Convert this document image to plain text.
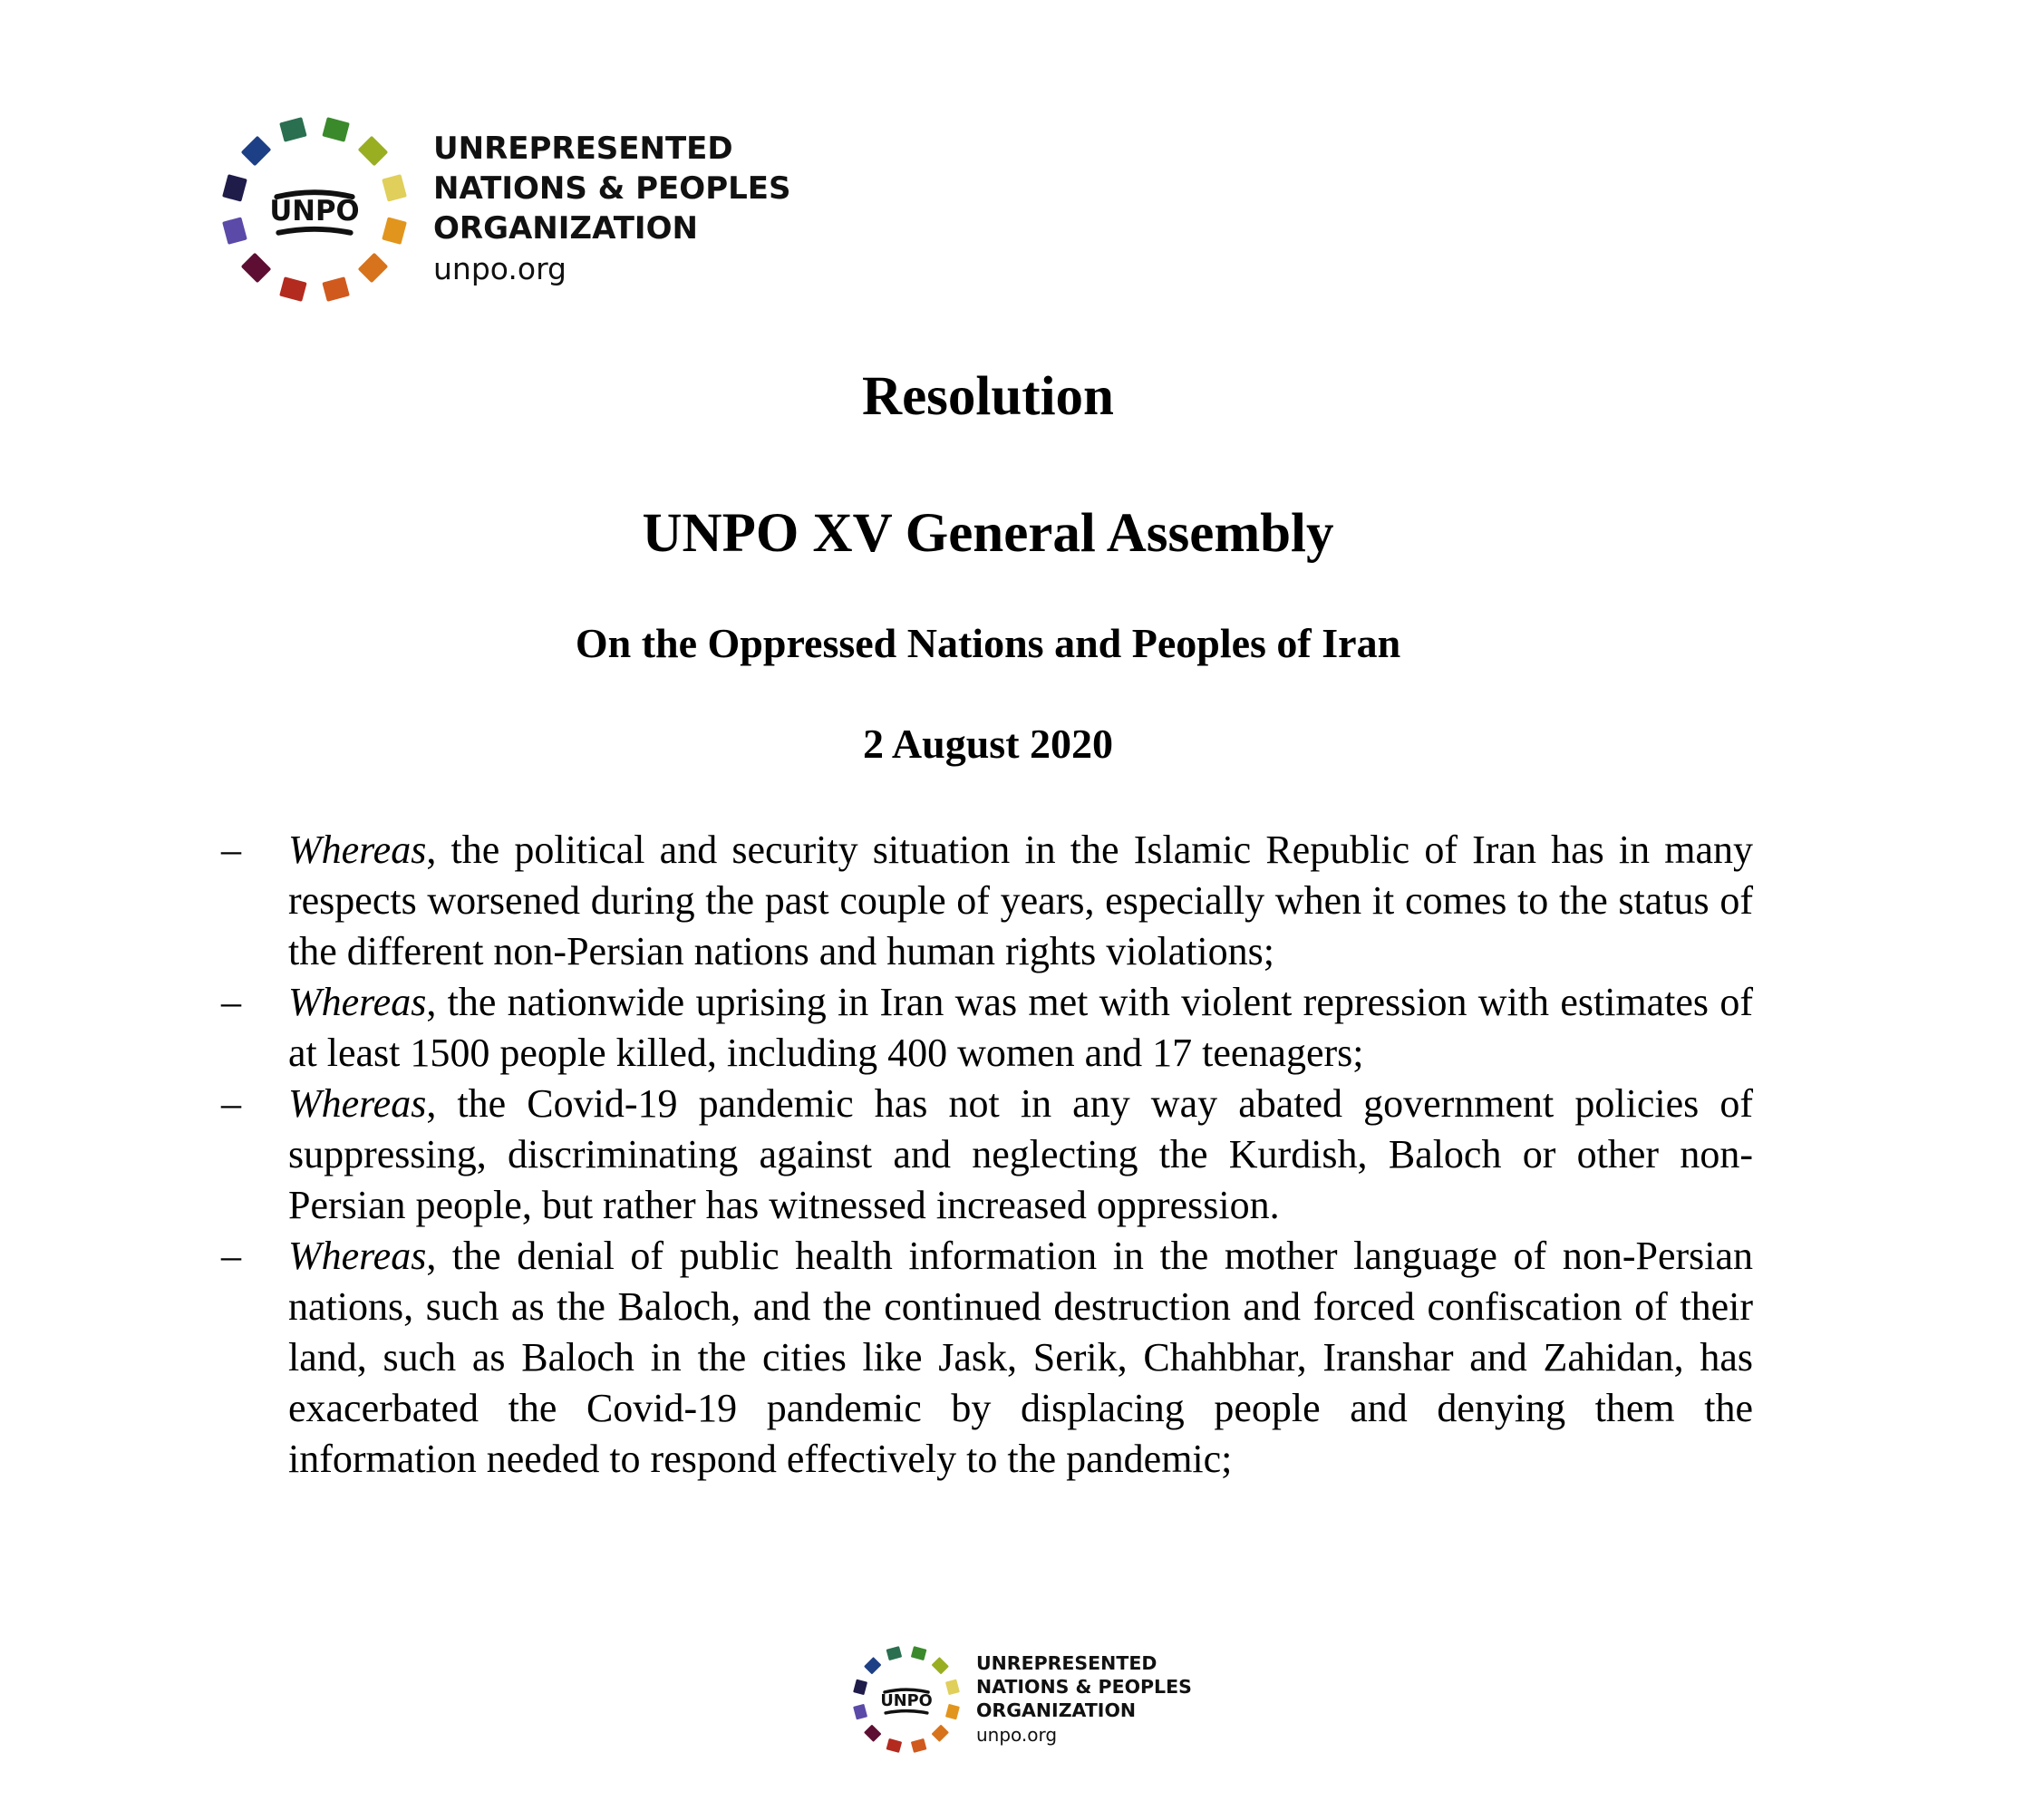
UNPO
UNREPRESENTED
NATIONS & PEOPLES
ORGANIZATION
unpo.org
Resolution
UNPO XV General Assembly
On the Oppressed Nations and Peoples of Iran
2 August 2020
– Whereas, the political and security situation in the Islamic Republic of Iran has in many respects worsened during the past couple of years, especially when it comes to the status of the different non-Persian nations and human rights violations;
– Whereas, the nationwide uprising in Iran was met with violent repression with estimates of at least 1500 people killed, including 400 women and 17 teenagers;
– Whereas, the Covid-19 pandemic has not in any way abated government policies of suppressing, discriminating against and neglecting the Kurdish, Baloch or other non-Persian people, but rather has witnessed increased oppression.
– Whereas, the denial of public health information in the mother language of non-Persian nations, such as the Baloch, and the continued destruction and forced confiscation of their land, such as Baloch in the cities like Jask, Serik, Chahbhar, Iranshar and Zahidan, has exacerbated the Covid-19 pandemic by displacing people and denying them the information needed to respond effectively to the pandemic;
UNPO
UNREPRESENTED
NATIONS & PEOPLES
ORGANIZATION
unpo.org
